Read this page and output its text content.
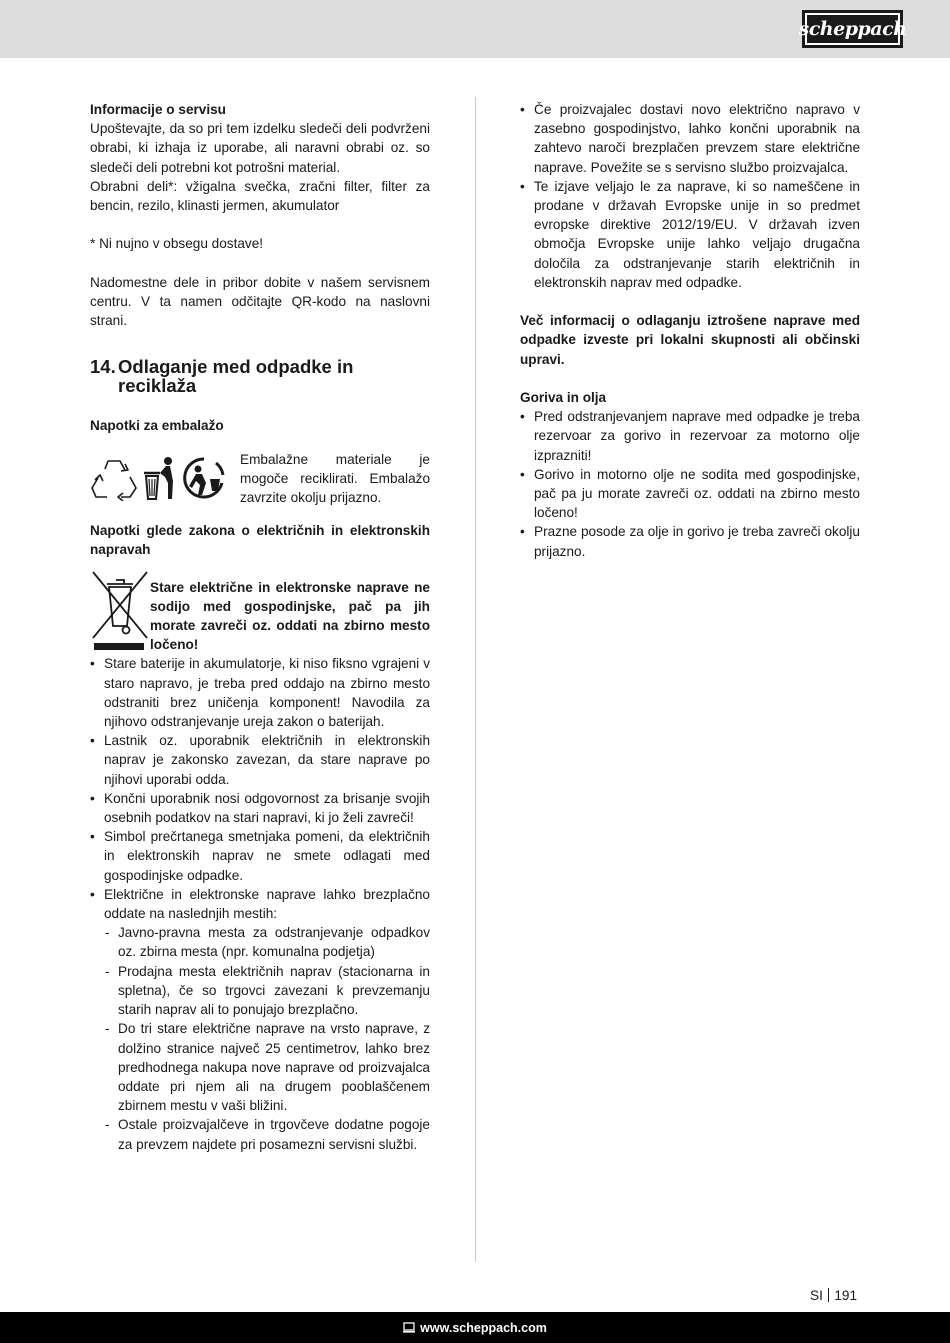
scheppach

Informacije o servisu

Upoštevajte, da so pri tem izdelku sledeči deli podvrženi obrabi, ki izhaja iz uporabe, ali naravni obrabi oz. so sledeči deli potrebni kot potrošni material.

Obrabni deli*: vžigalna svečka, zračni filter, filter za bencin, rezilo, klinasti jermen, akumulator

* Ni nujno v obsegu dostave!

Nadomestne dele in pribor dobite v našem servisnem centru. V ta namen odčitajte QR-kodo na naslovni strani.

14. Odlaganje med odpadke in reciklaža

Napotki za embalažo

Embalažne materiale je mogoče reciklirati. Embalažo zavrzite okolju prijazno.

Napotki glede zakona o električnih in elektronskih napravah

Stare električne in elektronske naprave ne sodijo med gospodinjske, pač pa jih morate zavreči oz. oddati na zbirno mesto ločeno!

• Stare baterije in akumulatorje, ki niso fiksno vgrajeni v staro napravo, je treba pred oddajo na zbirno mesto odstraniti brez uničenja komponent! Navodila za njihovo odstranjevanje ureja zakon o baterijah.
• Lastnik oz. uporabnik električnih in elektronskih naprav je zakonsko zavezan, da stare naprave po njihovi uporabi odda.
• Končni uporabnik nosi odgovornost za brisanje svojih osebnih podatkov na stari napravi, ki jo želi zavreči!
• Simbol prečrtanega smetnjaka pomeni, da električnih in elektronskih naprav ne smete odlagati med gospodinjske odpadke.
• Električne in elektronske naprave lahko brezplačno oddate na naslednjih mestih:
- Javno-pravna mesta za odstranjevanje odpadkov oz. zbirna mesta (npr. komunalna podjetja)
- Prodajna mesta električnih naprav (stacionarna in spletna), če so trgovci zavezani k prevzemanju starih naprav ali to ponujajo brezplačno.
- Do tri stare električne naprave na vrsto naprave, z dolžino stranice največ 25 centimetrov, lahko brez predhodnega nakupa nove naprave od proizvajalca oddate pri njem ali na drugem pooblaščenem zbirnem mestu v vaši bližini.
- Ostale proizvajalčeve in trgovčeve dodatne pogoje za prevzem najdete pri posamezni servisni službi.
• Če proizvajalec dostavi novo električno napravo v zasebno gospodinjstvo, lahko končni uporabnik na zahtevo naroči brezplačen prevzem stare električne naprave. Povežite se s servisno službo proizvajalca.
• Te izjave veljajo le za naprave, ki so nameščene in prodane v državah Evropske unije in so predmet evropske direktive 2012/19/EU. V državah izven območja Evropske unije lahko veljajo drugačna določila za odstranjevanje starih električnih in elektronskih naprav med odpadke.

Več informacij o odlaganju iztrošene naprave med odpadke izveste pri lokalni skupnosti ali občinski upravi.

Goriva in olja

• Pred odstranjevanjem naprave med odpadke je treba rezervoar za gorivo in rezervoar za motorno olje izprazniti!
• Gorivo in motorno olje ne sodita med gospodinjske, pač pa ju morate zavreči oz. oddati na zbirno mesto ločeno!
• Prazne posode za olje in gorivo je treba zavreči okolju prijazno.
SI 191
www.scheppach.com
